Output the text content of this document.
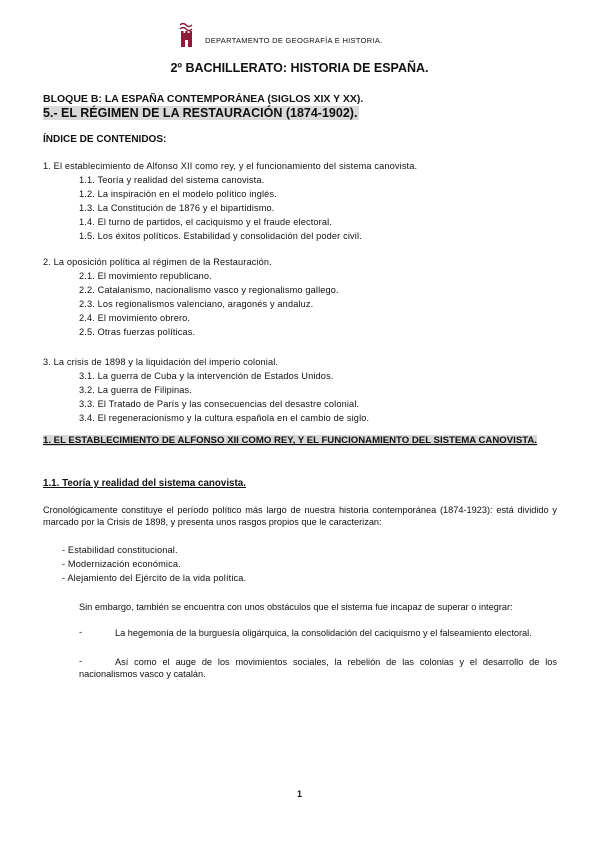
DEPARTAMENTO DE GEOGRAFÍA E HISTORIA.
2º BACHILLERATO: HISTORIA DE ESPAÑA.
BLOQUE B: LA ESPAÑA CONTEMPORÁNEA (SIGLOS XIX Y XX).
5.- EL RÉGIMEN DE LA RESTAURACIÓN (1874-1902).
ÍNDICE DE CONTENIDOS:
1. El establecimiento de Alfonso XII como rey, y el funcionamiento del sistema canovista.
1.1. Teoría y realidad del sistema canovista.
1.2. La inspiración en el modelo político inglés.
1.3. La Constitución de 1876 y el bipartidismo.
1.4. El turno de partidos, el caciquismo y el fraude electoral.
1.5. Los éxitos políticos. Estabilidad y consolidación del poder civil.
2. La oposición política al régimen de la Restauración.
2.1. El movimiento republicano.
2.2. Catalanismo, nacionalismo vasco y regionalismo gallego.
2.3. Los regionalismos valenciano, aragonés y andaluz.
2.4. El movimiento obrero.
2.5. Otras fuerzas políticas.
3. La crisis de 1898 y la liquidación del imperio colonial.
3.1. La guerra de Cuba y la intervención de Estados Unidos.
3.2. La guerra de Filipinas.
3.3. El Tratado de París y las consecuencias del desastre colonial.
3.4. El regeneracionismo y la cultura española en el cambio de siglo.
1. EL ESTABLECIMIENTO DE ALFONSO XII COMO REY, Y EL FUNCIONAMIENTO DEL SISTEMA CANOVISTA.
1.1. Teoría y realidad del sistema canovista.
Cronológicamente constituye el período político más largo de nuestra historia contemporánea (1874-1923): está dividido y marcado por la Crisis de 1898, y presenta unos rasgos propios que le caracterizan:
- Estabilidad constitucional.
- Modernización económica.
- Alejamiento del Ejército de la vida política.
Sin embargo, también se encuentra con unos obstáculos que el sistema fue incapaz de superar o integrar:
-	La hegemonía de la burguesía oligárquica, la consolidación del caciquismo y el falseamiento electoral.
-	Así como el auge de los movimientos sociales, la rebelión de las colonias y el desarrollo de los nacionalismos vasco y catalán.
1
